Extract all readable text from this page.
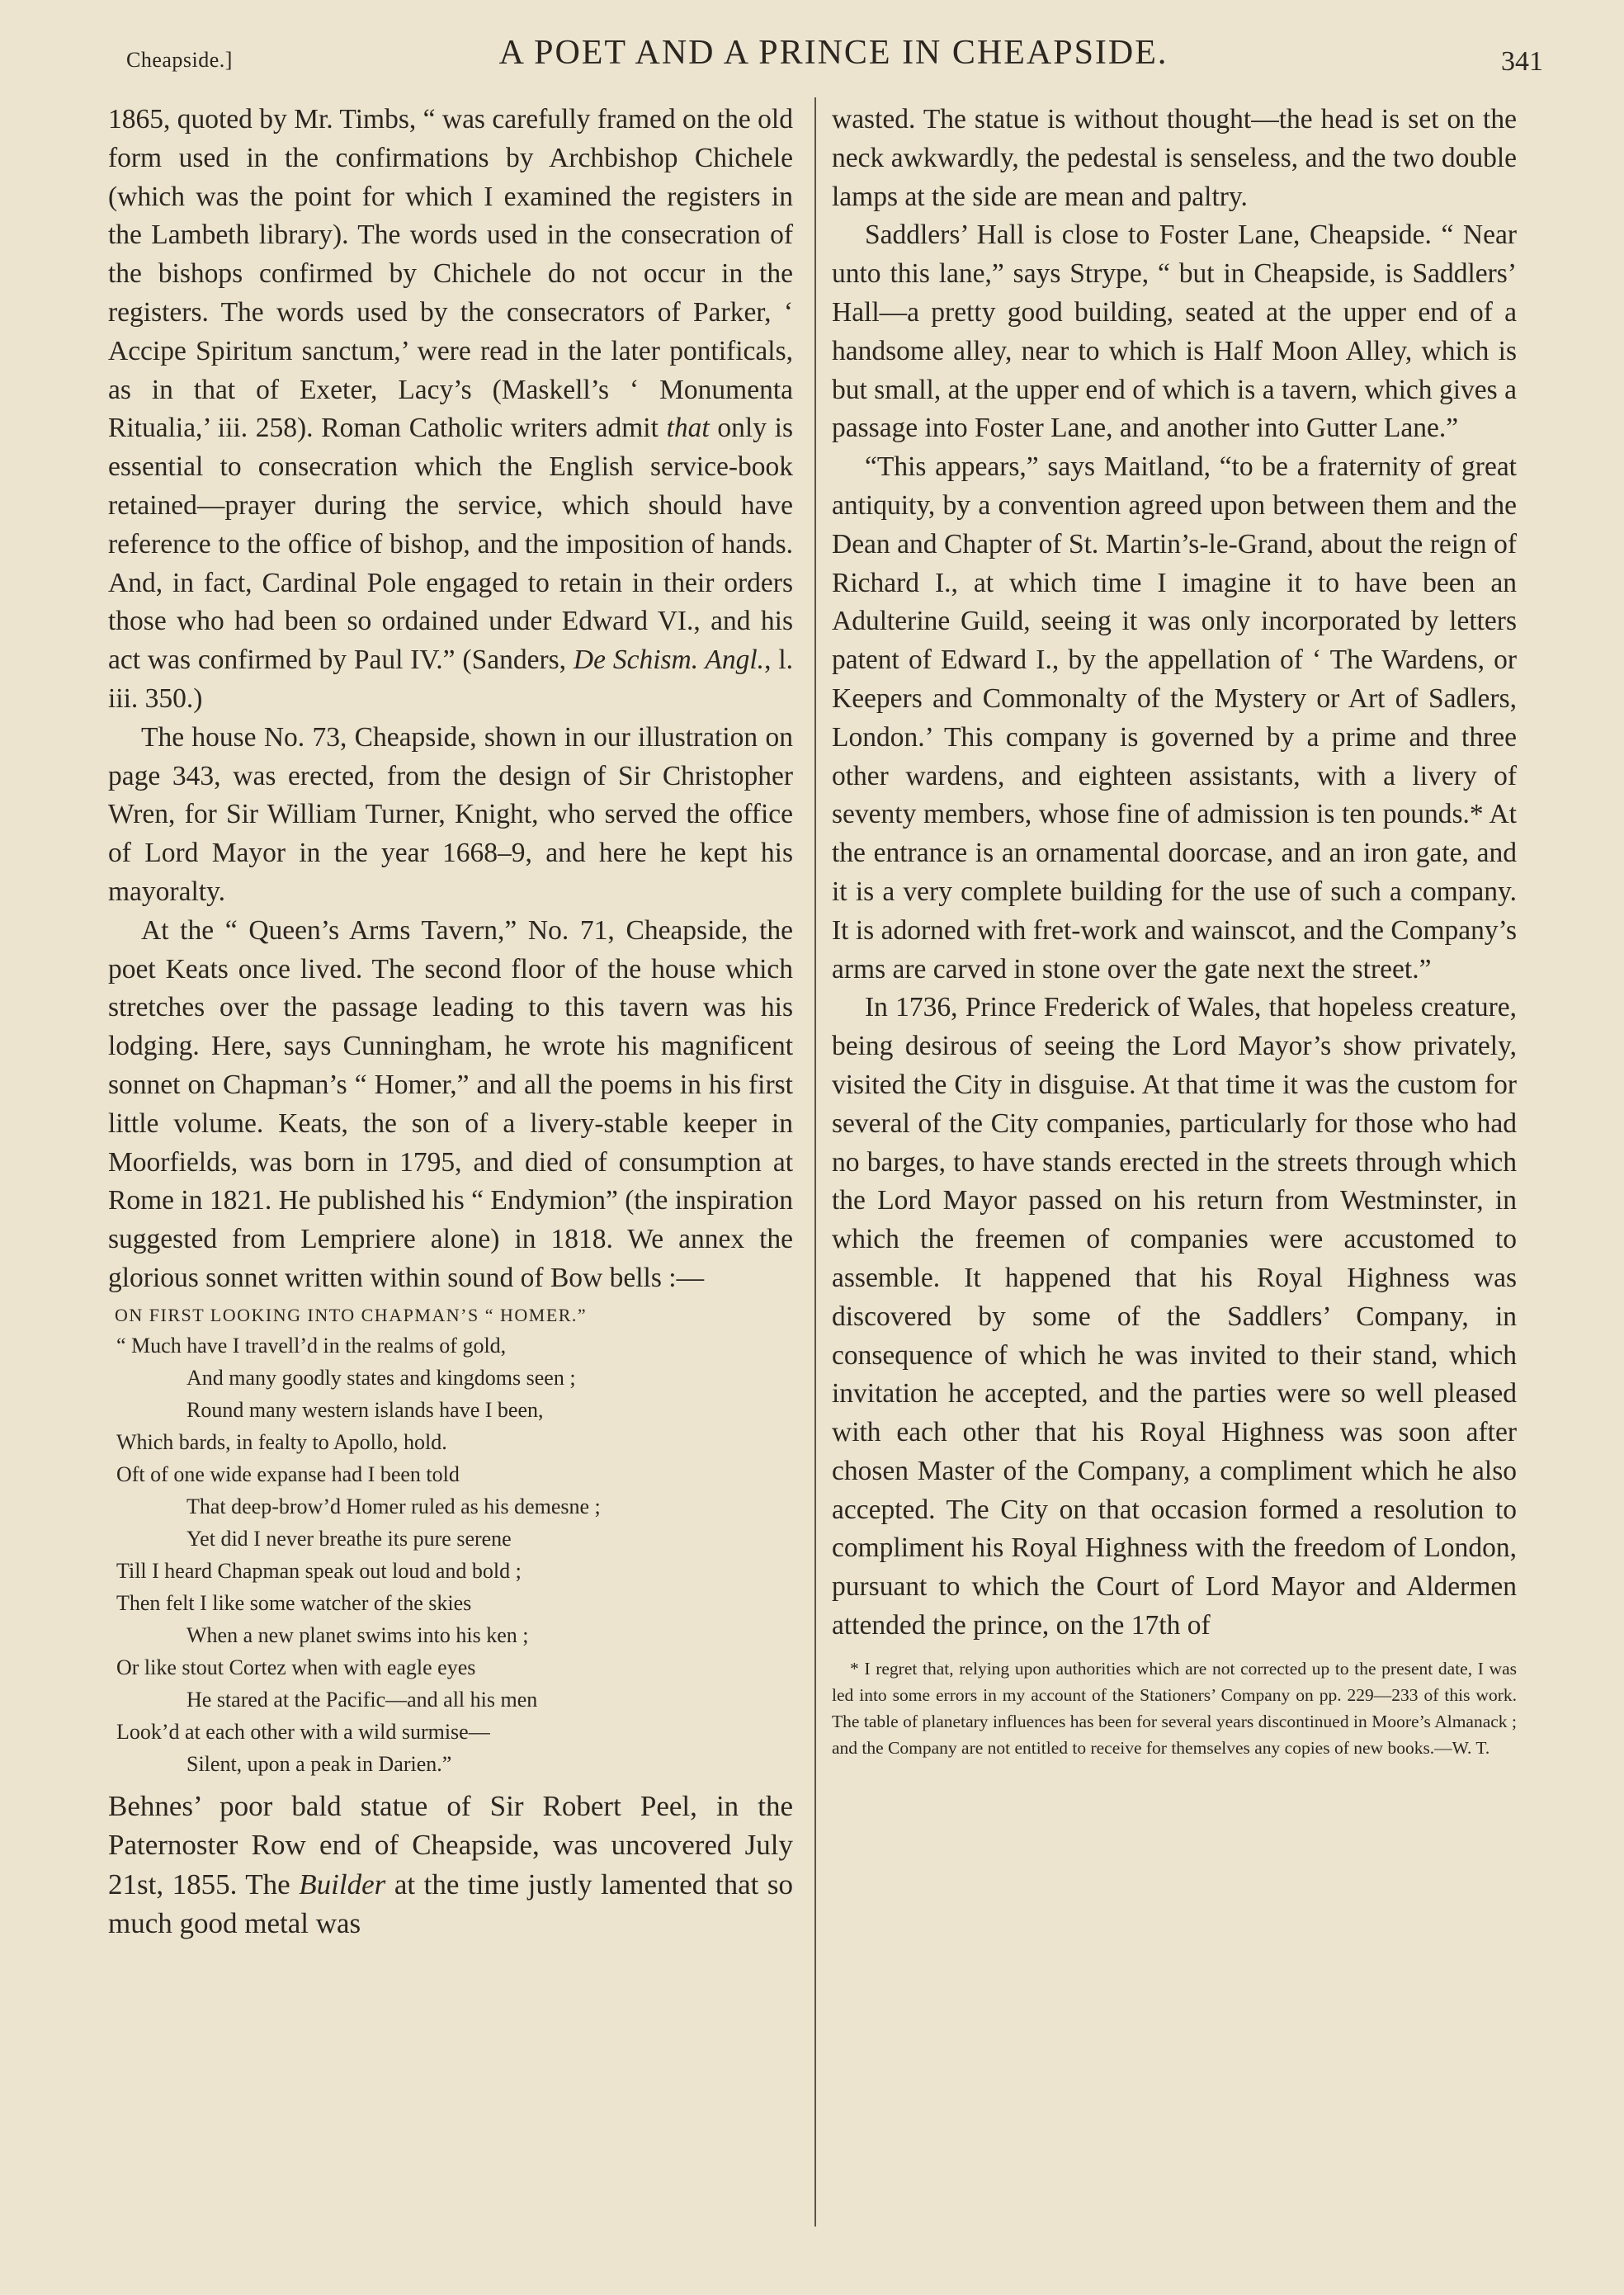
Cheapside.]	A POET AND A PRINCE IN CHEAPSIDE.	341

1865, quoted by Mr. Timbs, “ was carefully framed on the old form used in the confirmations by Archbishop Chichele (which was the point for which I examined the registers in the Lambeth library). The words used in the consecration of the bishops confirmed by Chichele do not occur in the registers. The words used by the consecrators of Parker, ‘ Accipe Spiritum sanctum,’ were read in the later pontificals, as in that of Exeter, Lacy’s (Maskell’s ‘ Monumenta Ritualia,’ iii. 258). Roman Catholic writers admit that only is essential to consecration which the English service-book retained—prayer during the service, which should have reference to the office of bishop, and the imposition of hands. And, in fact, Cardinal Pole engaged to retain in their orders those who had been so ordained under Edward VI., and his act was confirmed by Paul IV.” (Sanders, De Schism. Angl., l. iii. 350.)

The house No. 73, Cheapside, shown in our illustration on page 343, was erected, from the design of Sir Christopher Wren, for Sir William Turner, Knight, who served the office of Lord Mayor in the year 1668–9, and here he kept his mayoralty.

At the “ Queen’s Arms Tavern,” No. 71, Cheapside, the poet Keats once lived. The second floor of the house which stretches over the passage leading to this tavern was his lodging. Here, says Cunningham, he wrote his magnificent sonnet on Chapman’s “ Homer,” and all the poems in his first little volume. Keats, the son of a livery-stable keeper in Moorfields, was born in 1795, and died of consumption at Rome in 1821. He published his “ Endymion” (the inspiration suggested from Lempriere alone) in 1818. We annex the glorious sonnet written within sound of Bow bells :—

ON FIRST LOOKING INTO CHAPMAN’S “ HOMER.”
“ Much have I travell’d in the realms of gold,
And many goodly states and kingdoms seen ;
Round many western islands have I been,
Which bards, in fealty to Apollo, hold.
Oft of one wide expanse had I been told
That deep-brow’d Homer ruled as his demesne ;
Yet did I never breathe its pure serene
Till I heard Chapman speak out loud and bold ;
Then felt I like some watcher of the skies
When a new planet swims into his ken ;
Or like stout Cortez when with eagle eyes
He stared at the Pacific—and all his men
Look’d at each other with a wild surmise—
Silent, upon a peak in Darien.”

Behnes’ poor bald statue of Sir Robert Peel, in the Paternoster Row end of Cheapside, was uncovered July 21st, 1855. The Builder at the time justly lamented that so much good metal was

wasted. The statue is without thought—the head is set on the neck awkwardly, the pedestal is senseless, and the two double lamps at the side are mean and paltry.

Saddlers’ Hall is close to Foster Lane, Cheapside. “ Near unto this lane,” says Strype, “ but in Cheapside, is Saddlers’ Hall—a pretty good building, seated at the upper end of a handsome alley, near to which is Half Moon Alley, which is but small, at the upper end of which is a tavern, which gives a passage into Foster Lane, and another into Gutter Lane.”

“This appears,” says Maitland, “to be a fraternity of great antiquity, by a convention agreed upon between them and the Dean and Chapter of St. Martin’s-le-Grand, about the reign of Richard I., at which time I imagine it to have been an Adulterine Guild, seeing it was only incorporated by letters patent of Edward I., by the appellation of ‘ The Wardens, or Keepers and Commonalty of the Mystery or Art of Sadlers, London.’ This company is governed by a prime and three other wardens, and eighteen assistants, with a livery of seventy members, whose fine of admission is ten pounds.* At the entrance is an ornamental doorcase, and an iron gate, and it is a very complete building for the use of such a company. It is adorned with fret-work and wainscot, and the Company’s arms are carved in stone over the gate next the street.”

In 1736, Prince Frederick of Wales, that hopeless creature, being desirous of seeing the Lord Mayor’s show privately, visited the City in disguise. At that time it was the custom for several of the City companies, particularly for those who had no barges, to have stands erected in the streets through which the Lord Mayor passed on his return from Westminster, in which the freemen of companies were accustomed to assemble. It happened that his Royal Highness was discovered by some of the Saddlers’ Company, in consequence of which he was invited to their stand, which invitation he accepted, and the parties were so well pleased with each other that his Royal Highness was soon after chosen Master of the Company, a compliment which he also accepted. The City on that occasion formed a resolution to compliment his Royal Highness with the freedom of London, pursuant to which the Court of Lord Mayor and Aldermen attended the prince, on the 17th of

* I regret that, relying upon authorities which are not corrected up to the present date, I was led into some errors in my account of the Stationers’ Company on pp. 229—233 of this work. The table of planetary influences has been for several years discontinued in Moore’s Almanack ; and the Company are not entitled to receive for themselves any copies of new books.—W. T.
